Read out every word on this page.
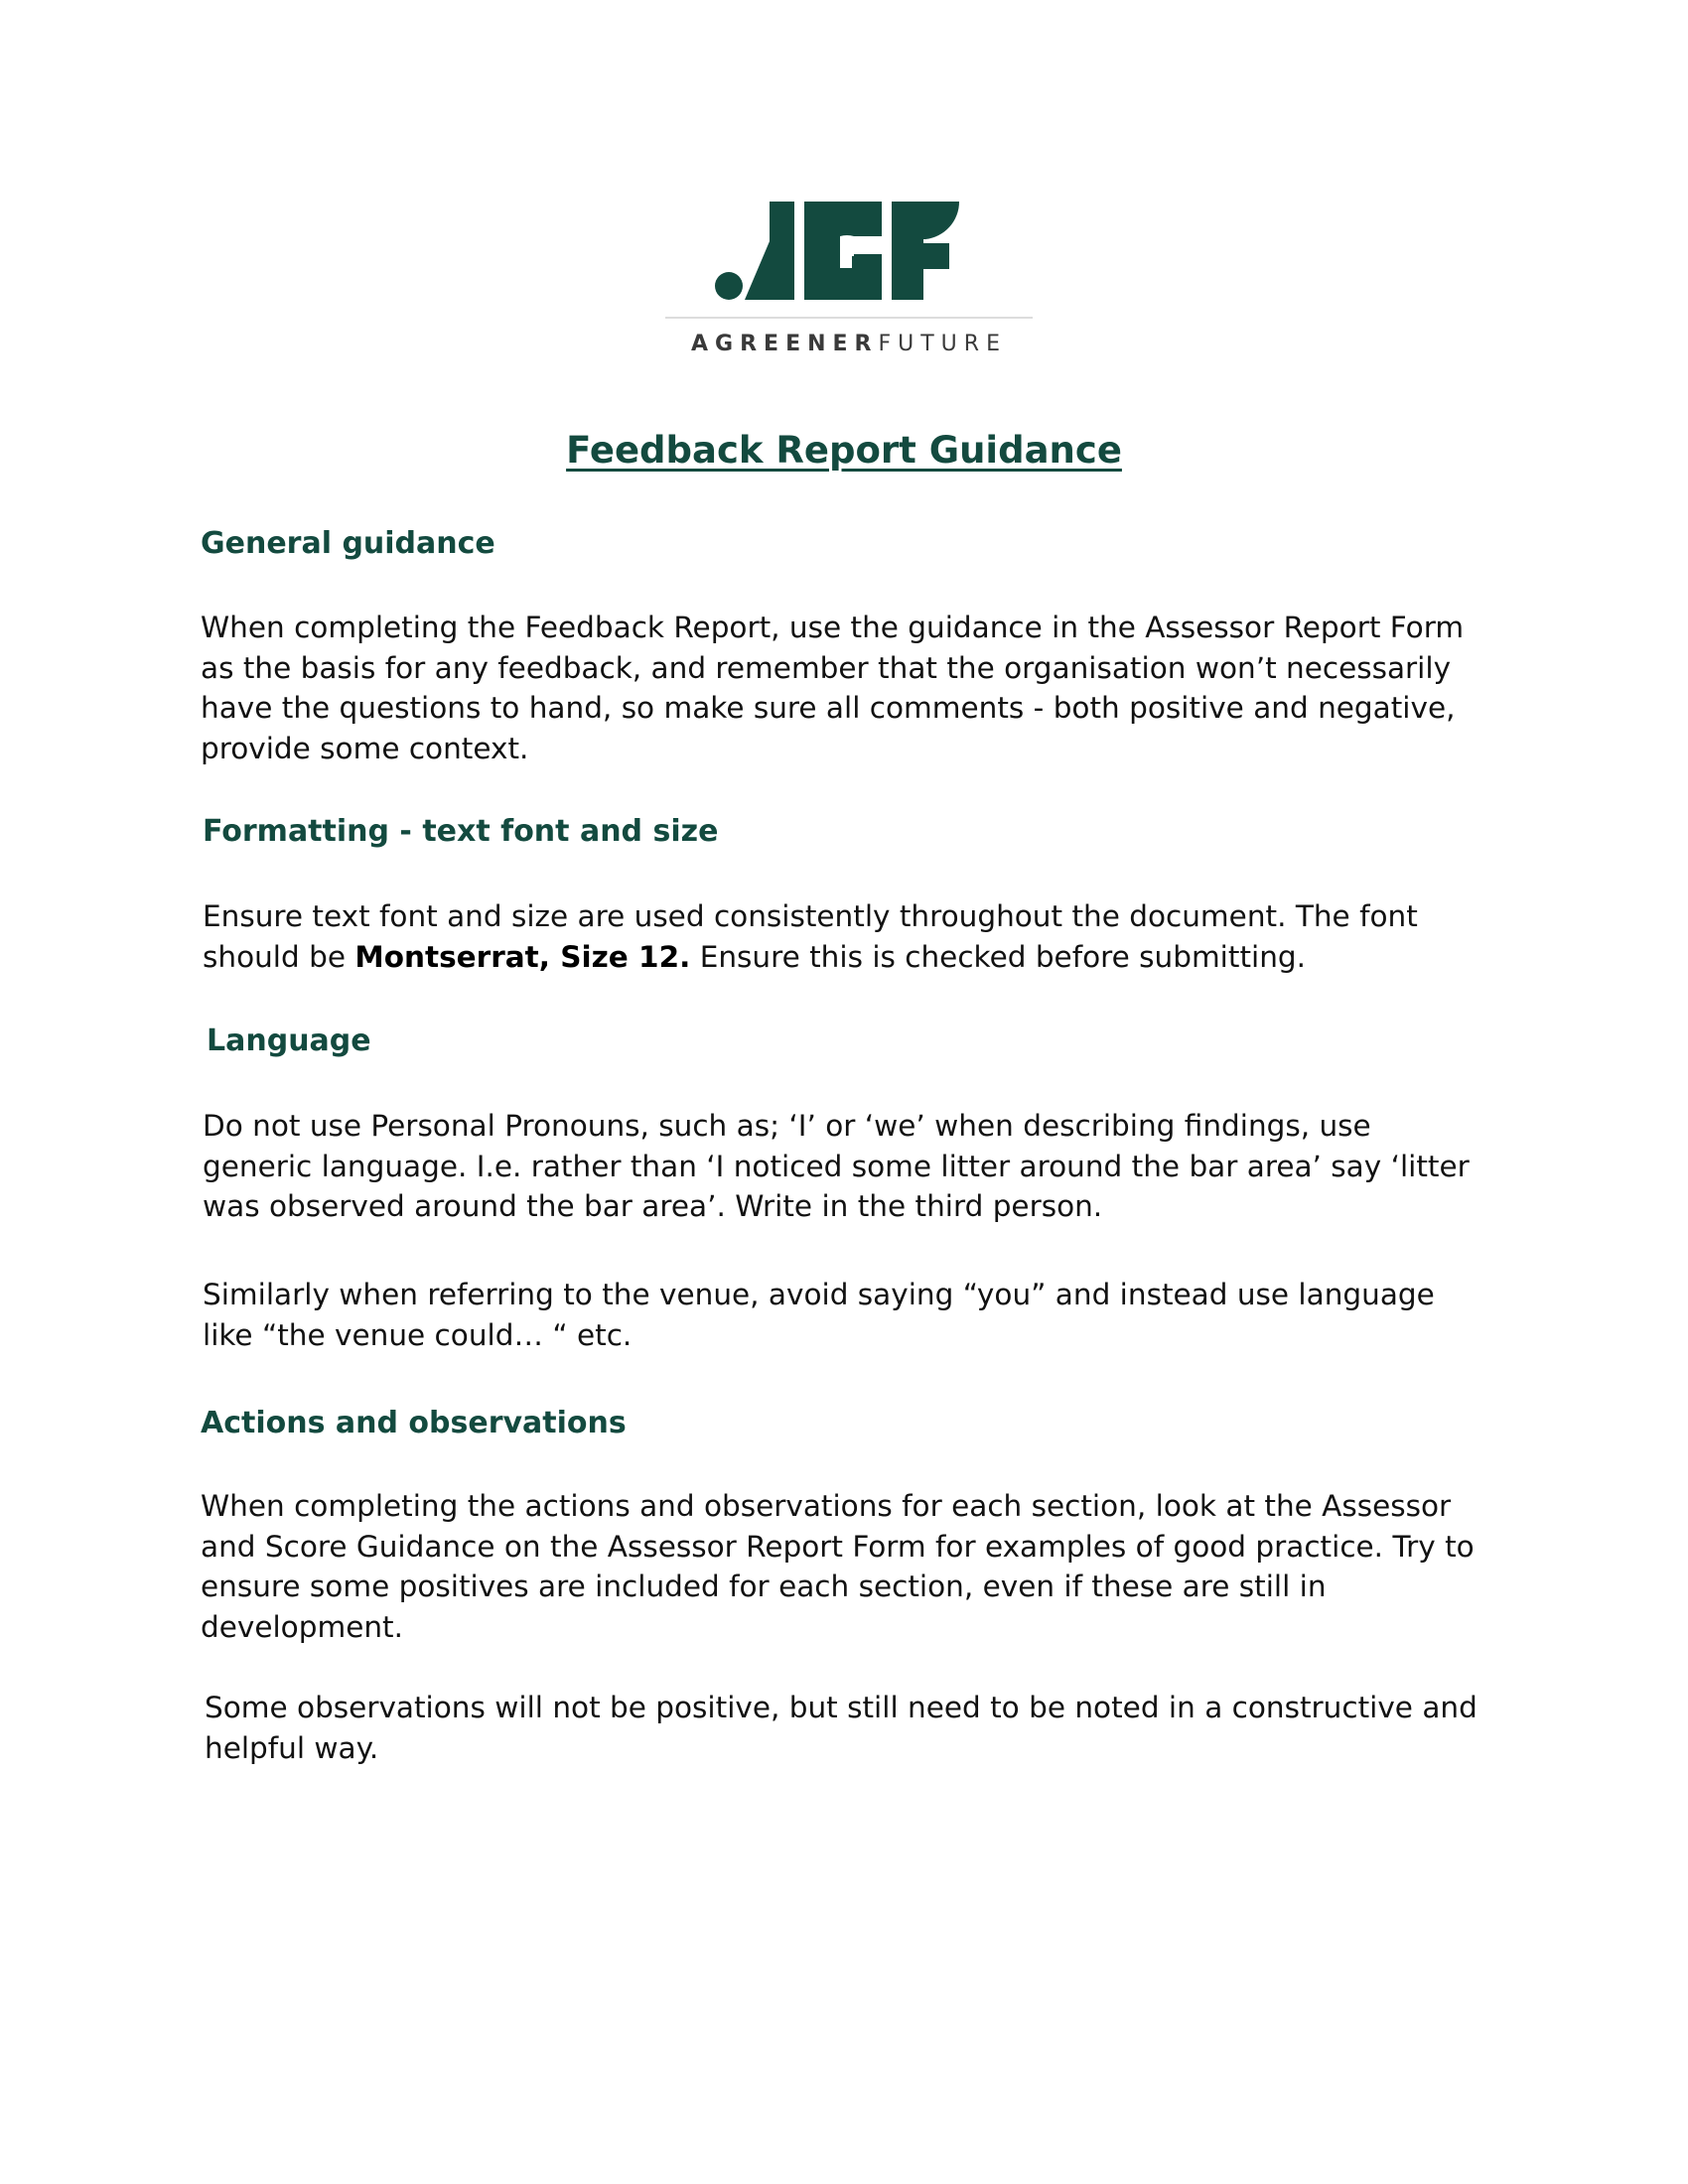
AGREENERFUTURE
Feedback Report Guidance
General guidance

When completing the Feedback Report, use the guidance in the Assessor Report Form as the basis for any feedback, and remember that the organisation won’t necessarily have the questions to hand, so make sure all comments - both positive and negative, provide some context.

Formatting - text font and size

Ensure text font and size are used consistently throughout the document. The font should be Montserrat, Size 12. Ensure this is checked before submitting.

Language

Do not use Personal Pronouns, such as; ‘I’ or ‘we’ when describing findings, use generic language. I.e. rather than ‘I noticed some litter around the bar area’ say ‘litter was observed around the bar area’. Write in the third person.

Similarly when referring to the venue, avoid saying “you” and instead use language like “the venue could… “ etc.

Actions and observations

When completing the actions and observations for each section, look at the Assessor and Score Guidance on the Assessor Report Form for examples of good practice. Try to ensure some positives are included for each section, even if these are still in development.

Some observations will not be positive, but still need to be noted in a constructive and helpful way.
